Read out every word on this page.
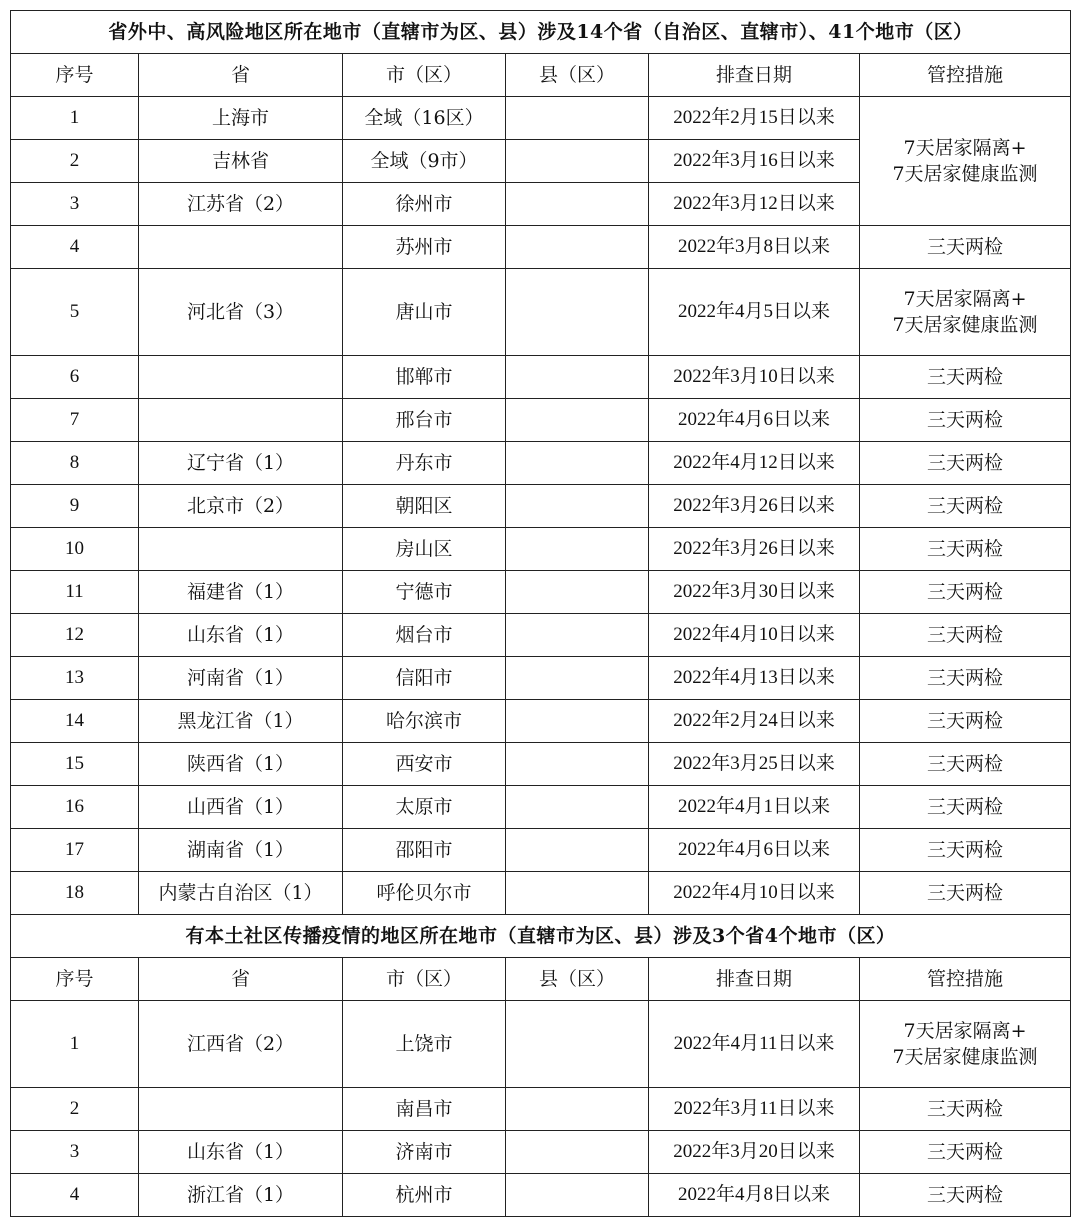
省外中、高风险地区所在地市（直辖市为区、县）涉及14个省（自治区、直辖市）、41个地市（区）					
序号	省	市（区）	县（区）	排查日期	管控措施
1	上海市	全域（16区）		2022年2月15日以来	7天居家隔离+
7天居家健康监测
2	吉林省	全域（9市）		2022年3月16日以来	
3	江苏省（2）	徐州市		2022年3月12日以来	
4		苏州市		2022年3月8日以来	三天两检
5	河北省（3）	唐山市		2022年4月5日以来	7天居家隔离+
7天居家健康监测
6		邯郸市		2022年3月10日以来	三天两检
7		邢台市		2022年4月6日以来	三天两检
8	辽宁省（1）	丹东市		2022年4月12日以来	三天两检
9	北京市（2）	朝阳区		2022年3月26日以来	三天两检
10		房山区		2022年3月26日以来	三天两检
11	福建省（1）	宁德市		2022年3月30日以来	三天两检
12	山东省（1）	烟台市		2022年4月10日以来	三天两检
13	河南省（1）	信阳市		2022年4月13日以来	三天两检
14	黑龙江省（1）	哈尔滨市		2022年2月24日以来	三天两检
15	陕西省（1）	西安市		2022年3月25日以来	三天两检
16	山西省（1）	太原市		2022年4月1日以来	三天两检
17	湖南省（1）	邵阳市		2022年4月6日以来	三天两检
18	内蒙古自治区（1）	呼伦贝尔市		2022年4月10日以来	三天两检
有本土社区传播疫情的地区所在地市（直辖市为区、县）涉及3个省4个地市（区）					
序号	省	市（区）	县（区）	排查日期	管控措施
1	江西省（2）	上饶市		2022年4月11日以来	7天居家隔离+
7天居家健康监测
2		南昌市		2022年3月11日以来	三天两检
3	山东省（1）	济南市		2022年3月20日以来	三天两检
4	浙江省（1）	杭州市		2022年4月8日以来	三天两检
